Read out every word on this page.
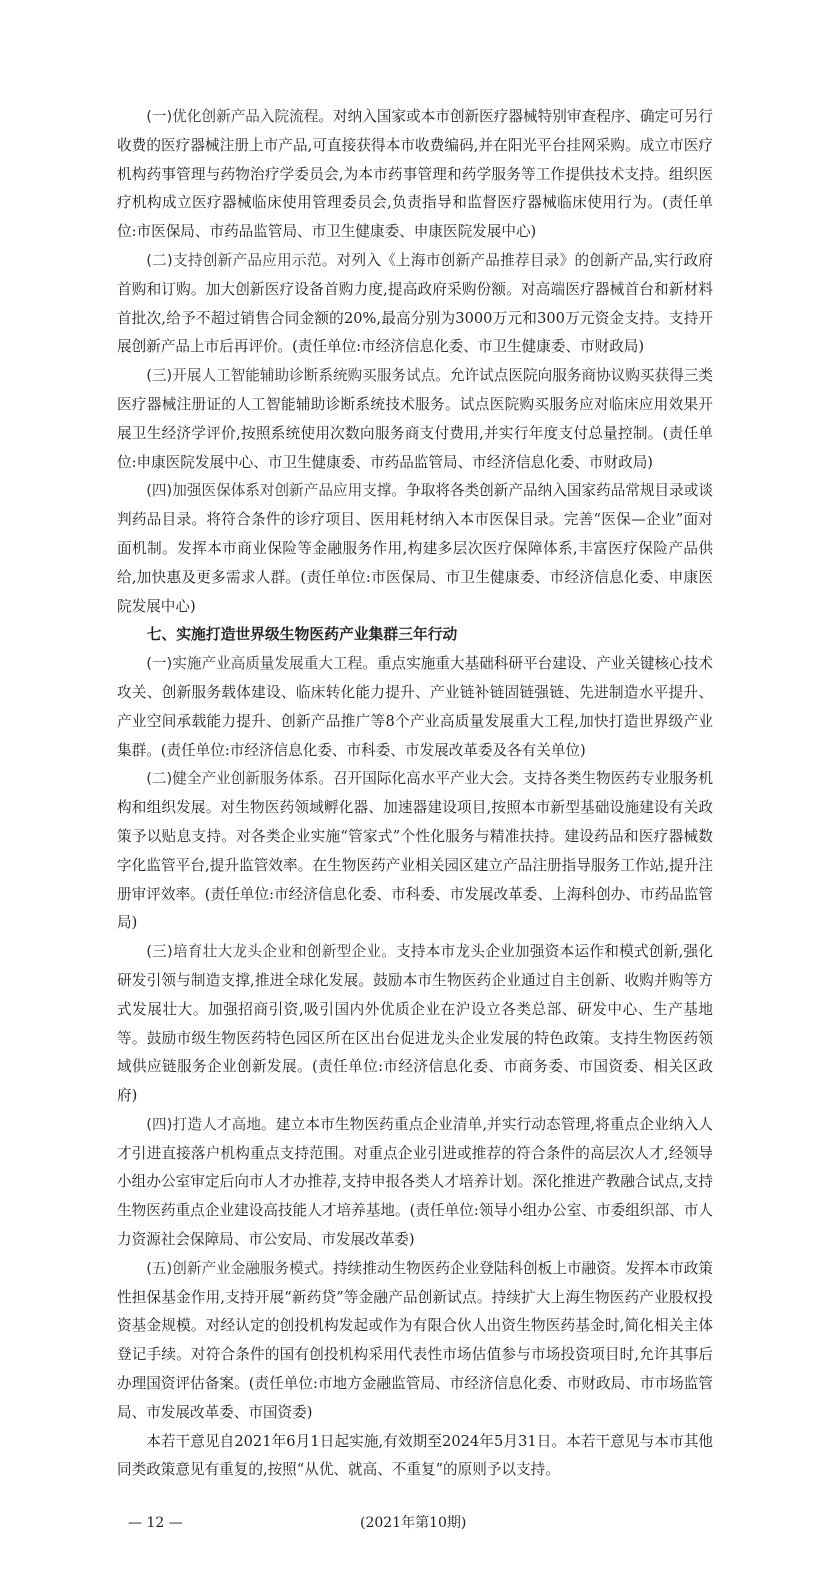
(一)优化创新产品入院流程。对纳入国家或本市创新医疗器械特别审查程序、确定可另行收费的医疗器械注册上市产品,可直接获得本市收费编码,并在阳光平台挂网采购。成立市医疗机构药事管理与药物治疗学委员会,为本市药事管理和药学服务等工作提供技术支持。组织医疗机构成立医疗器械临床使用管理委员会,负责指导和监督医疗器械临床使用行为。(责任单位:市医保局、市药品监管局、市卫生健康委、申康医院发展中心)

(二)支持创新产品应用示范。对列入《上海市创新产品推荐目录》的创新产品,实行政府首购和订购。加大创新医疗设备首购力度,提高政府采购份额。对高端医疗器械首台和新材料首批次,给予不超过销售合同金额的20%,最高分别为3000万元和300万元资金支持。支持开展创新产品上市后再评价。(责任单位:市经济信息化委、市卫生健康委、市财政局)

(三)开展人工智能辅助诊断系统购买服务试点。允许试点医院向服务商协议购买获得三类医疗器械注册证的人工智能辅助诊断系统技术服务。试点医院购买服务应对临床应用效果开展卫生经济学评价,按照系统使用次数向服务商支付费用,并实行年度支付总量控制。(责任单位:申康医院发展中心、市卫生健康委、市药品监管局、市经济信息化委、市财政局)

(四)加强医保体系对创新产品应用支撑。争取将各类创新产品纳入国家药品常规目录或谈判药品目录。将符合条件的诊疗项目、医用耗材纳入本市医保目录。完善“医保—企业”面对面机制。发挥本市商业保险等金融服务作用,构建多层次医疗保障体系,丰富医疗保险产品供给,加快惠及更多需求人群。(责任单位:市医保局、市卫生健康委、市经济信息化委、申康医院发展中心)

七、实施打造世界级生物医药产业集群三年行动

(一)实施产业高质量发展重大工程。重点实施重大基础科研平台建设、产业关键核心技术攻关、创新服务载体建设、临床转化能力提升、产业链补链固链强链、先进制造水平提升、产业空间承载能力提升、创新产品推广等8个产业高质量发展重大工程,加快打造世界级产业集群。(责任单位:市经济信息化委、市科委、市发展改革委及各有关单位)

(二)健全产业创新服务体系。召开国际化高水平产业大会。支持各类生物医药专业服务机构和组织发展。对生物医药领域孵化器、加速器建设项目,按照本市新型基础设施建设有关政策予以贴息支持。对各类企业实施“管家式”个性化服务与精准扶持。建设药品和医疗器械数字化监管平台,提升监管效率。在生物医药产业相关园区建立产品注册指导服务工作站,提升注册审评效率。(责任单位:市经济信息化委、市科委、市发展改革委、上海科创办、市药品监管局)

(三)培育壮大龙头企业和创新型企业。支持本市龙头企业加强资本运作和模式创新,强化研发引领与制造支撑,推进全球化发展。鼓励本市生物医药企业通过自主创新、收购并购等方式发展壮大。加强招商引资,吸引国内外优质企业在沪设立各类总部、研发中心、生产基地等。鼓励市级生物医药特色园区所在区出台促进龙头企业发展的特色政策。支持生物医药领域供应链服务企业创新发展。(责任单位:市经济信息化委、市商务委、市国资委、相关区政府)

(四)打造人才高地。建立本市生物医药重点企业清单,并实行动态管理,将重点企业纳入人才引进直接落户机构重点支持范围。对重点企业引进或推荐的符合条件的高层次人才,经领导小组办公室审定后向市人才办推荐,支持申报各类人才培养计划。深化推进产教融合试点,支持生物医药重点企业建设高技能人才培养基地。(责任单位:领导小组办公室、市委组织部、市人力资源社会保障局、市公安局、市发展改革委)

(五)创新产业金融服务模式。持续推动生物医药企业登陆科创板上市融资。发挥本市政策性担保基金作用,支持开展“新药贷”等金融产品创新试点。持续扩大上海生物医药产业股权投资基金规模。对经认定的创投机构发起或作为有限合伙人出资生物医药基金时,简化相关主体登记手续。对符合条件的国有创投机构采用代表性市场估值参与市场投资项目时,允许其事后办理国资评估备案。(责任单位:市地方金融监管局、市经济信息化委、市财政局、市市场监管局、市发展改革委、市国资委)

本若干意见自2021年6月1日起实施,有效期至2024年5月31日。本若干意见与本市其他同类政策意见有重复的,按照“从优、就高、不重复”的原则予以支持。

— 12 —	(2021年第10期)
